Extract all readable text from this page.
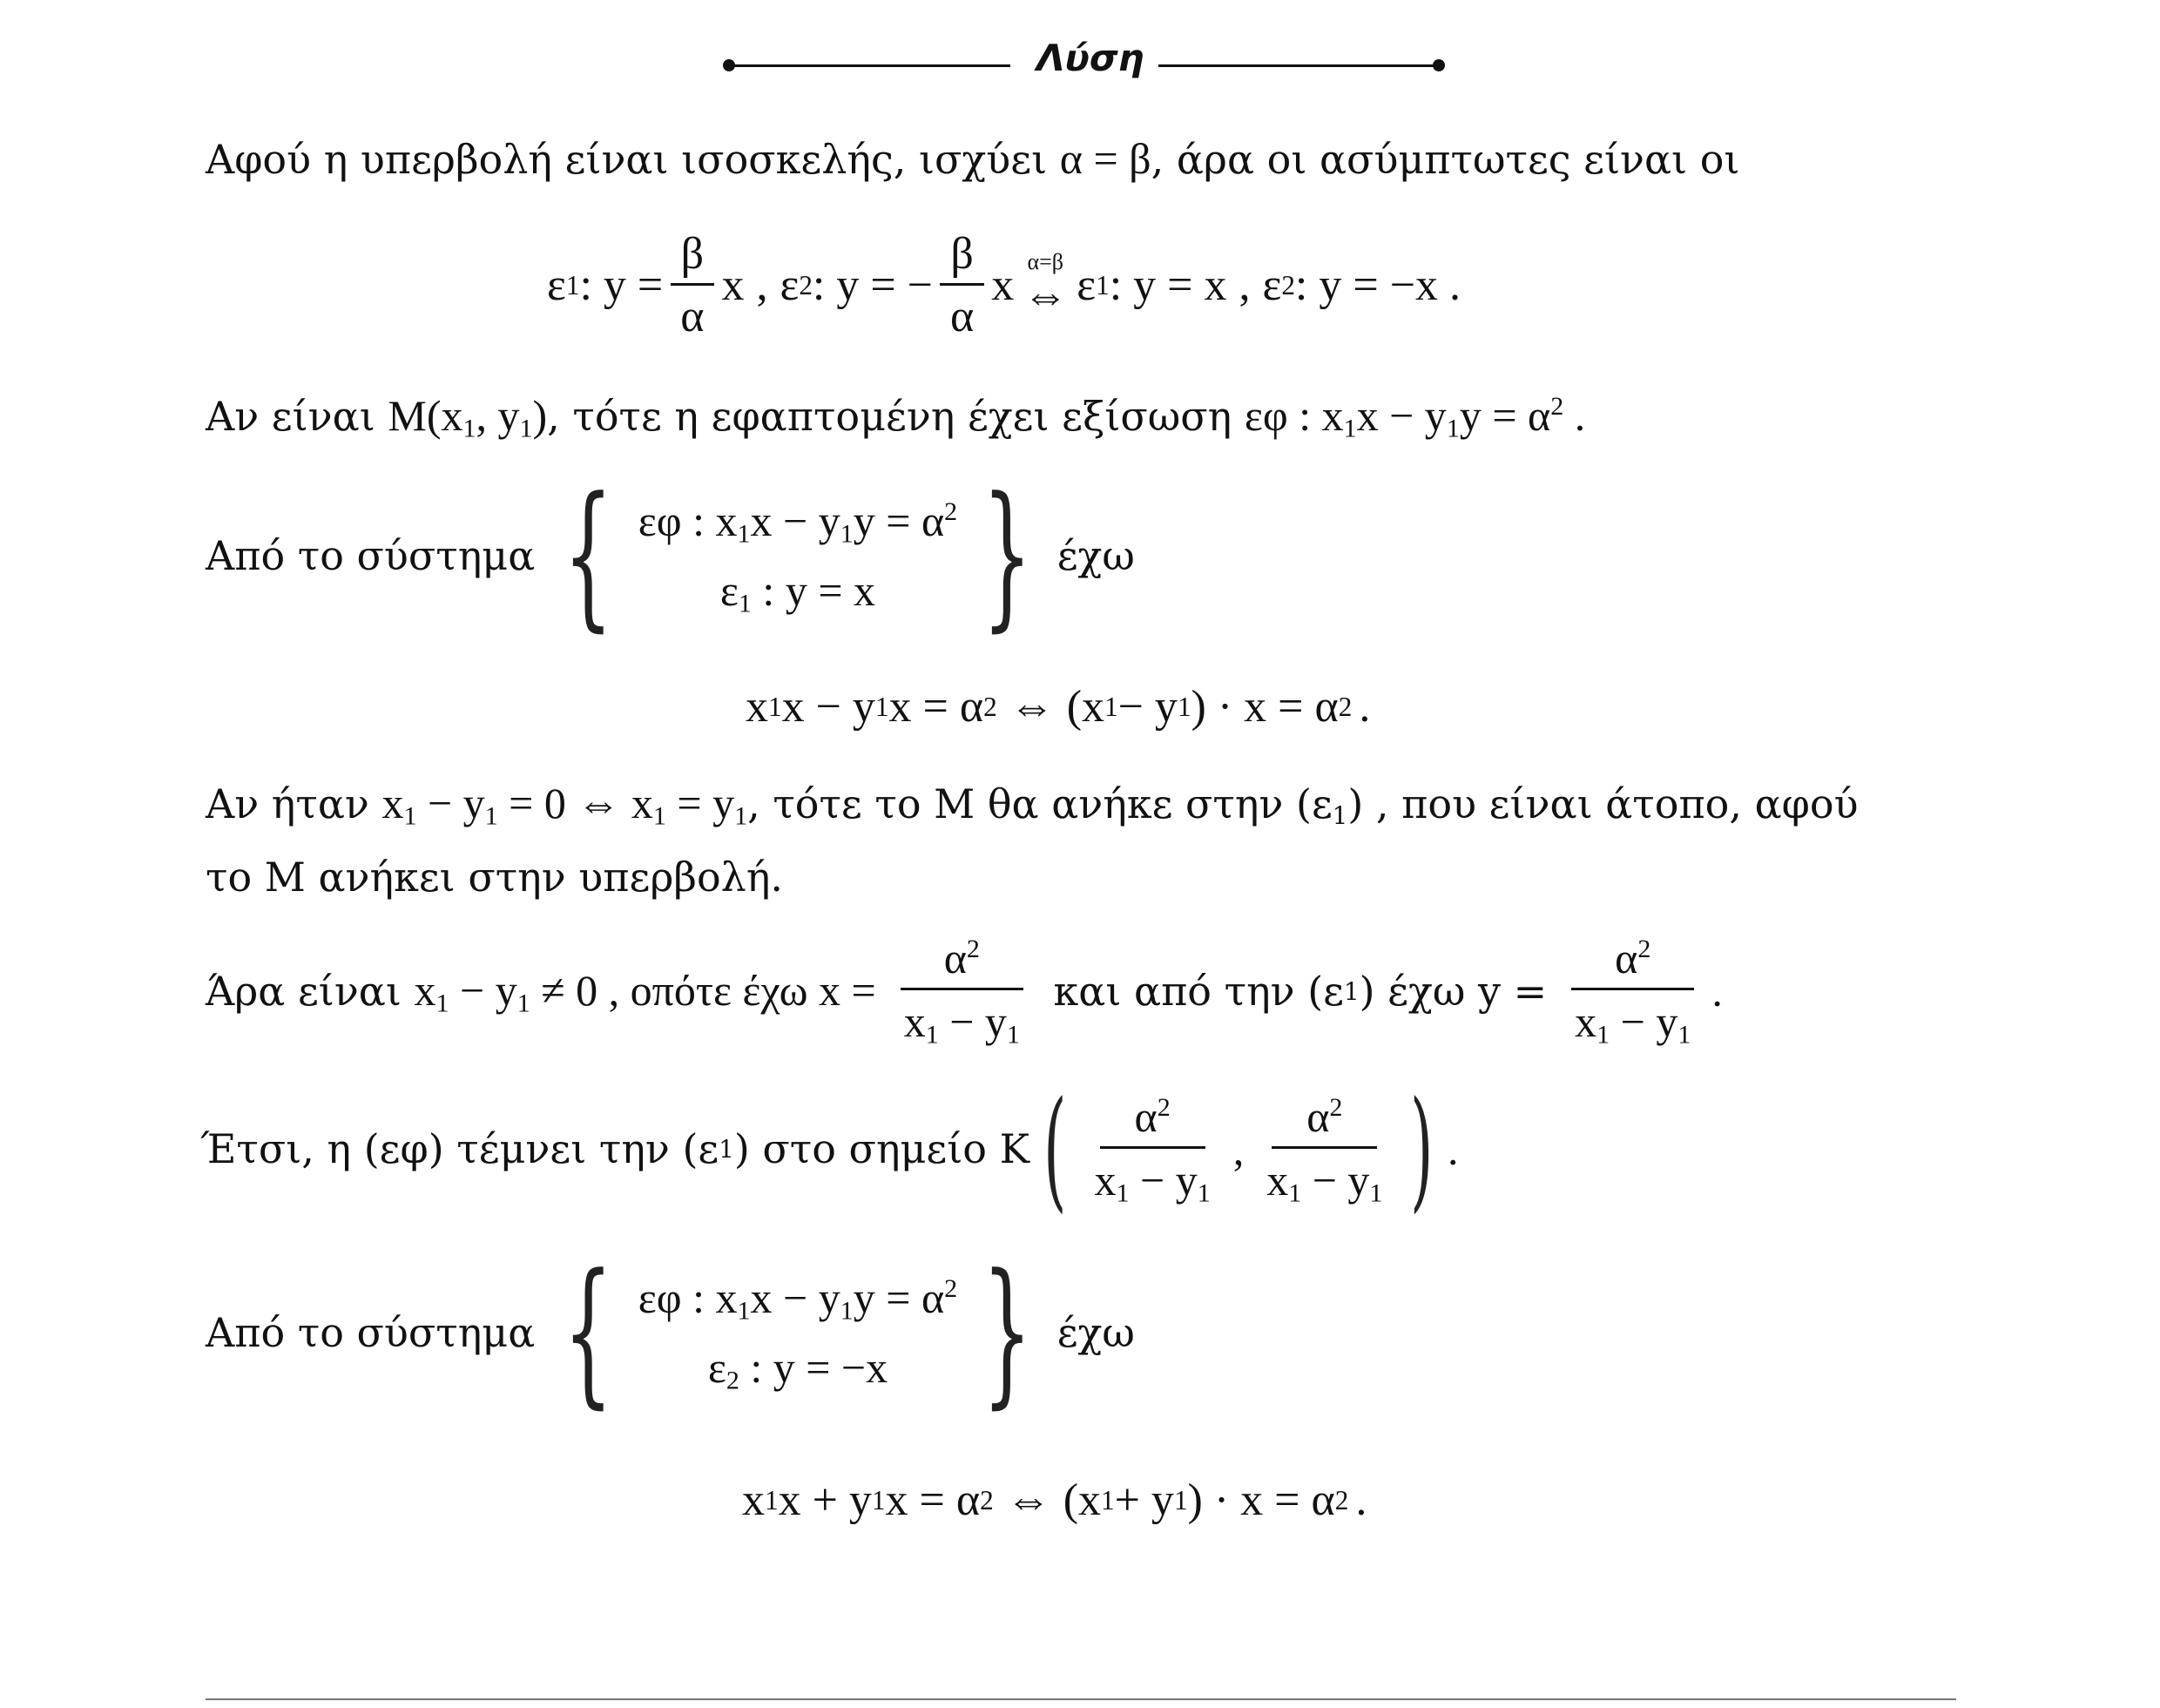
Λύση
Αφού η υπερβολή είναι ισοσκελής, ισχύει α = β, άρα οι ασύμπτωτες είναι οι
ε 1 : $y = \frac{\beta}{\alpha}$ x , ε 2 : y = − $\frac{\beta}{\alpha}$ x α=β
⇔ ε 1 : y = x , ε 2 : y = −x .
Αν είναι $M(x_1$, $y_1$), τότε η εφαπτομένη έχει εξίσωση εφ : $x_1x - y_1y = \alpha^2$ .
Από το σύστημα { εφ : $x_1x - y_1y = \alpha^2$
$\varepsilon_1$ : y = x } έχω
x 1 x − y 1 x = α 2 ⇔ (x 1 − y 1 ) · x = α 2 .
Αν ήταν $x_1 - y_1 = 0$ ⇔ $x_1 = y_1$, τότε το M θα ανήκε στην $(\varepsilon_1)$ , που είναι άτοπο, αφού
το M ανήκει στην υπερβολή.
Άρα είναι
$x_1 - y_1 \ne 0$ , οπότε έχω $x = \frac{\alpha^2}{x_1 - y_1}$
και από την (ε 1 ) έχω $y = \frac{\alpha^2}{x_1 - y_1}$ .
Έτσι, η (εφ) τέμνει την (ε 1 ) στο σημείο K ( $\frac{\alpha^2}{x_1 - y_1}$ , $\frac{\alpha^2}{x_1 - y_1}$ ) .
Από το σύστημα { εφ : $x_1x - y_1y = \alpha^2$
$\varepsilon_2$ : y = −x } έχω
x 1 x + y 1 x = α 2 ⇔ (x 1 + y 1 ) · x = α 2 .
